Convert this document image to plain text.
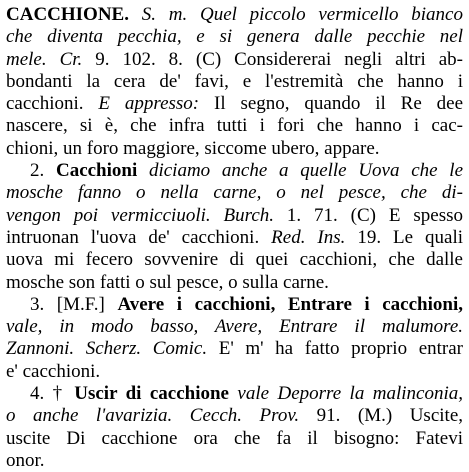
CACCHIONE. S. m. Quel piccolo vermicello bianco
che diventa pecchia, e si genera dalle pecchie nel
mele. Cr. 9. 102. 8. (C) Considererai negli altri ab-
bondanti la cera de' favi, e l'estremità che hanno i
cacchioni. E appresso: Il segno, quando il Re dee
nascere, si è, che infra tutti i fori che hanno i cac-
chioni, un foro maggiore, siccome ubero, appare.
2. Cacchioni diciamo anche a quelle Uova che le
mosche fanno o nella carne, o nel pesce, che di-
vengon poi vermicciuoli. Burch. 1. 71. (C) E spesso
intruonan l'uova de' cacchioni. Red. Ins. 19. Le quali
uova mi fecero sovvenire di quei cacchioni, che dalle
mosche son fatti o sul pesce, o sulla carne.
3. [M.F.] Avere i cacchioni, Entrare i cacchioni,
vale, in modo basso, Avere, Entrare il malumore.
Zannoni. Scherz. Comic. E' m' ha fatto proprio entrar
e' cacchioni.
4. † Uscir di cacchione vale Deporre la malinconia,
o anche l'avarizia. Cecch. Prov. 91. (M.) Uscite,
uscite Di cacchione ora che fa il bisogno: Fatevi
onor.
